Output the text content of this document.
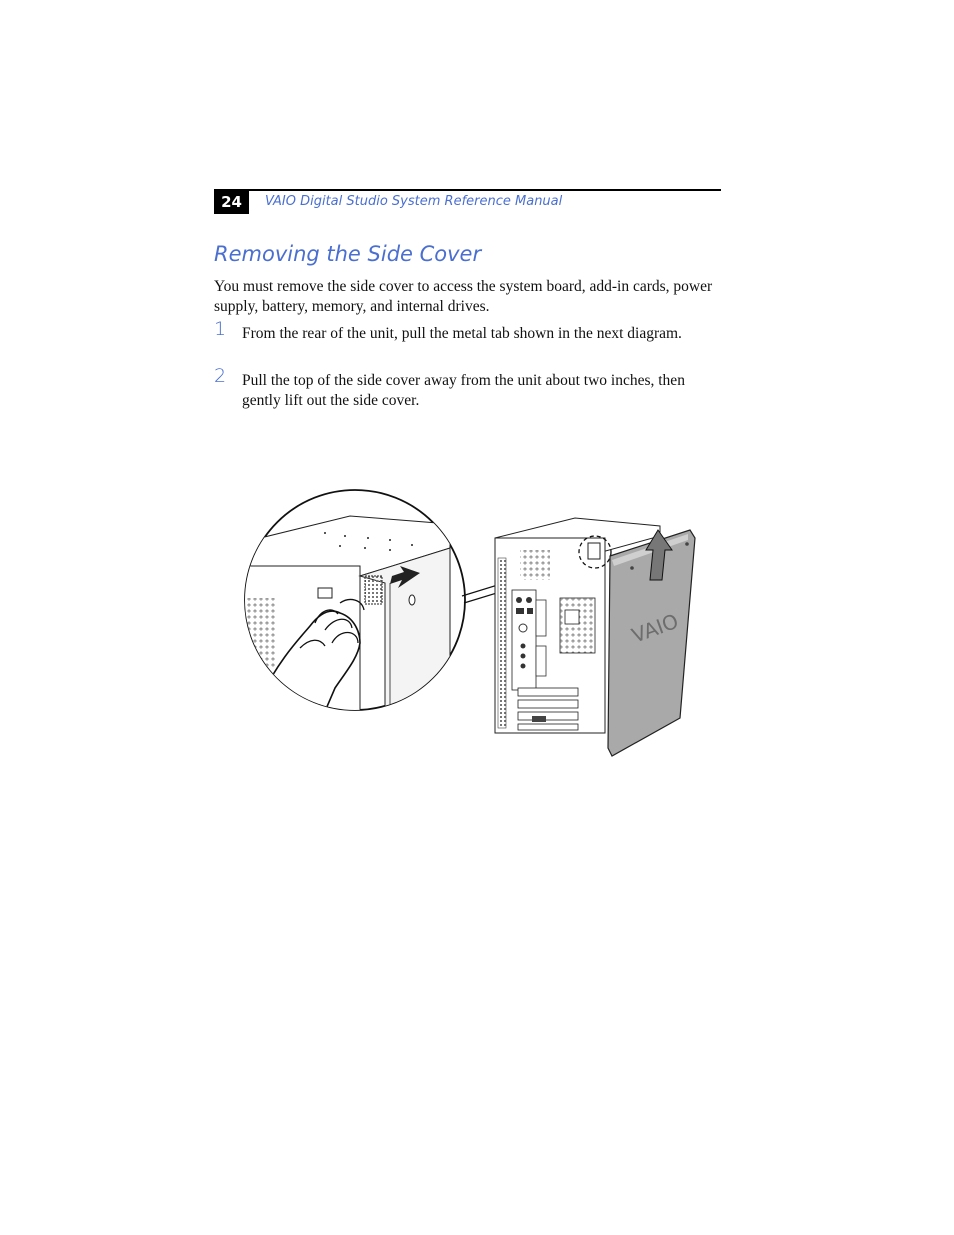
24	VAIO Digital Studio System Reference Manual
Removing the Side Cover

You must remove the side cover to access the system board, add-in cards, power supply, battery, memory, and internal drives.

1 From the rear of the unit, pull the metal tab shown in the next diagram.

2 Pull the top of the side cover away from the unit about two inches, then gently lift out the side cover.

VAIO
